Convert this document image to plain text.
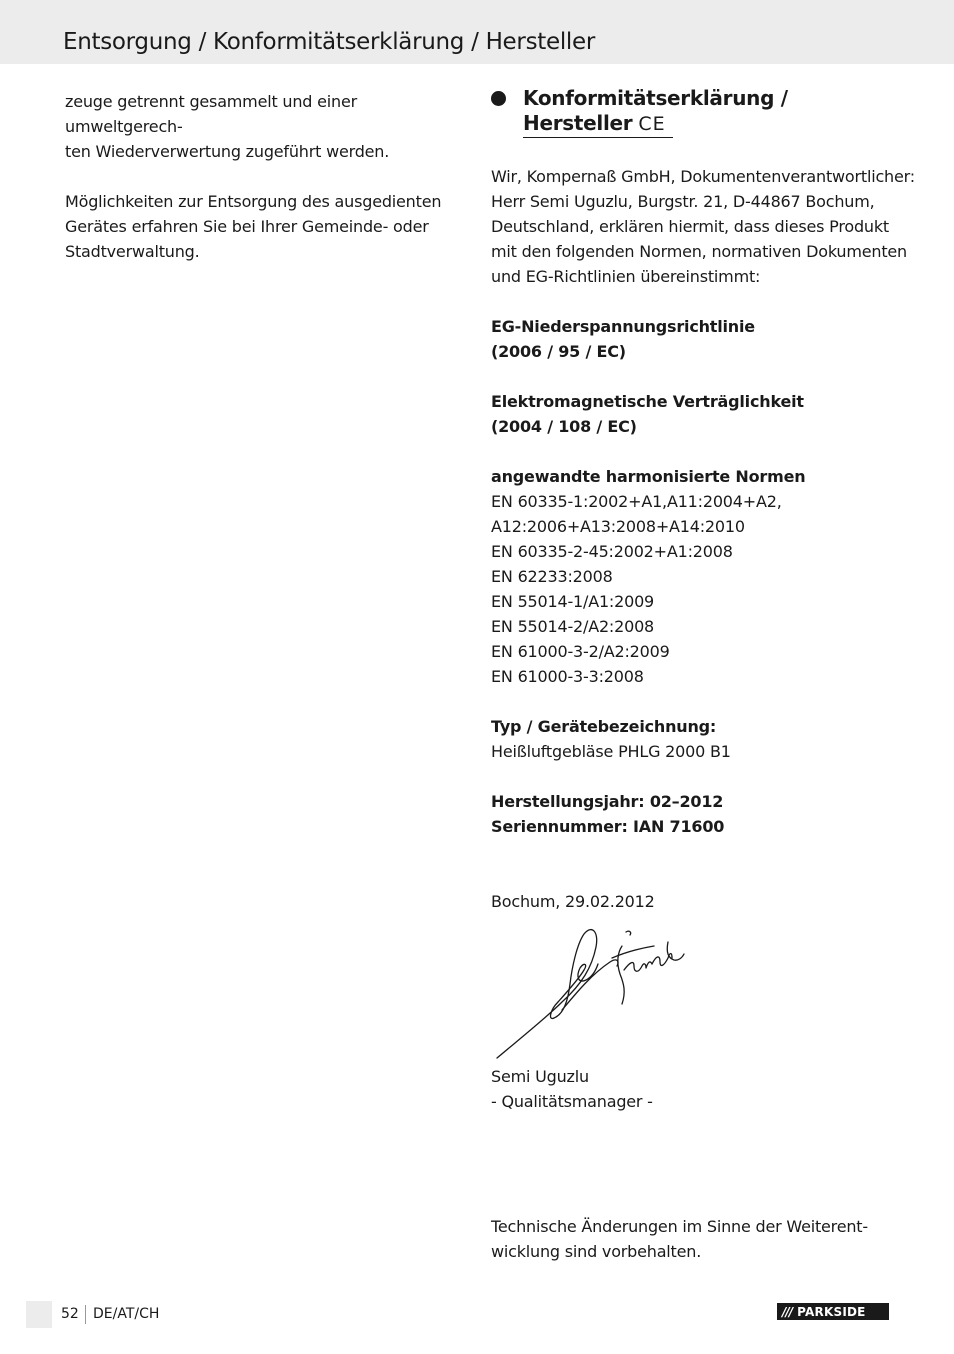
Entsorgung / Konformitätserklärung / Hersteller

zeuge getrennt gesammelt und einer umweltgerech-
ten Wiederverwertung zugeführt werden.

Möglichkeiten zur Entsorgung des ausgedienten
Gerätes erfahren Sie bei Ihrer Gemeinde- oder
Stadtverwaltung.

Konformitätserklärung /
Hersteller CE
Wir, Kompernaß GmbH, Dokumentenverantwortlicher:
Herr Semi Uguzlu, Burgstr. 21, D-44867 Bochum,
Deutschland, erklären hiermit, dass dieses Produkt
mit den folgenden Normen, normativen Dokumenten
und EG-Richtlinien übereinstimmt:
EG-Niederspannungsrichtlinie
(2006 / 95 / EC)
Elektromagnetische Verträglichkeit
(2004 / 108 / EC)
angewandte harmonisierte Normen
EN 60335-1:2002+A1,A11:2004+A2,
A12:2006+A13:2008+A14:2010
EN 60335-2-45:2002+A1:2008
EN 62233:2008
EN 55014-1/A1:2009
EN 55014-2/A2:2008
EN 61000-3-2/A2:2009
EN 61000-3-3:2008
Typ / Gerätebezeichnung:
Heißluftgebläse PHLG 2000 B1
Herstellungsjahr: 02–2012
Seriennummer: IAN 71600
Bochum, 29.02.2012
Semi Uguzlu
- Qualitätsmanager -
Technische Änderungen im Sinne der Weiterent-
wicklung sind vorbehalten.
52 DE/AT/CH	/// PARKSIDE
